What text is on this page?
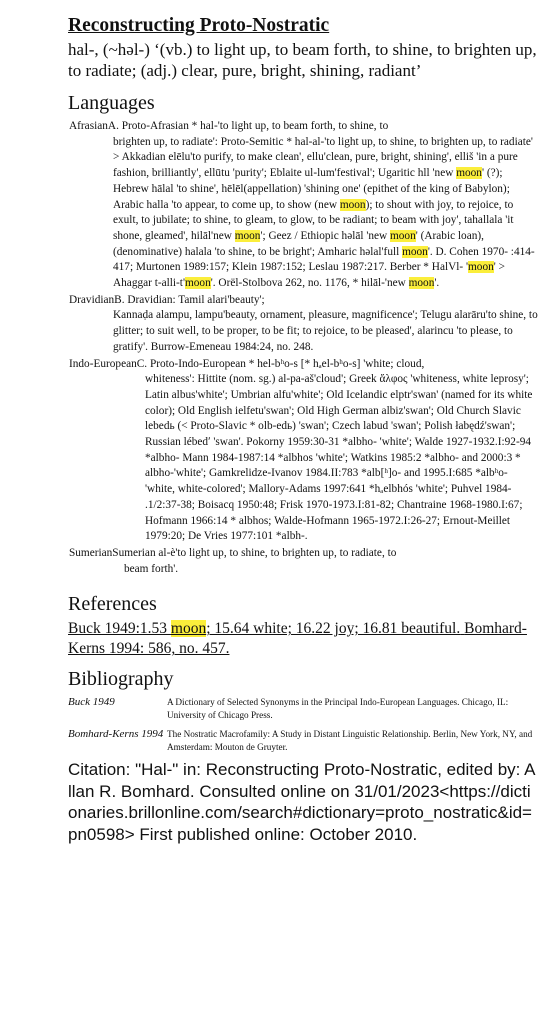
Reconstructing Proto-Nostratic

hal-, (~həl-) ‘(vb.) to light up, to beam forth, to shine, to brighten up, to radiate; (adj.) clear, pure, bright, shining, radiant’

Languages
Afrasian A. Proto-Afrasian * hal-'to light up, to beam forth, to shine, to
brighten up, to radiate': Proto-Semitic * hal-al-'to light up, to shine, to brighten up, to radiate' > Akkadian elēlu'to purify, to make clean', ellu'clean, pure, bright, shining', elliš 'in a pure fashion, brilliantly', ellūtu 'purity'; Eblaite ul-lum'festival'; Ugaritic hll 'new moon' (?); Hebrew hālal 'to shine', hēlēl(appellation) 'shining one' (epithet of the king of Babylon); Arabic halla 'to appear, to come up, to show (new moon); to shout with joy, to rejoice, to exult, to jubilate; to shine, to gleam, to glow, to be radiant; to beam with joy', tahallala 'it shone, gleamed', hilāl'new moon'; Geez / Ethiopic həlāl 'new moon' (Arabic loan), (denominative) halala 'to shine, to be bright'; Amharic həlal'full moon'. D. Cohen 1970- :414-417; Murtonen 1989:157; Klein 1987:152; Leslau 1987:217. Berber * HalVl- 'moon' > Ahaggar t-alli-t'moon'. Orël-Stolbova 262, no. 1176, * hilāl-'new moon'.
Dravidian B. Dravidian: Tamil alari'beauty';
Kannaḍa alampu, lampu'beauty, ornament, pleasure, magnificence'; Telugu alarāru'to shine, to glitter; to suit well, to be proper, to be fit; to rejoice, to be pleased', alarincu 'to please, to gratify'. Burrow-Emeneau 1984:24, no. 248.
Indo-European C. Proto-Indo-European * hel-bʰo-s [* hₐel-bʰo-s] 'white; cloud,
whiteness': Hittite (nom. sg.) al-pa-aš'cloud'; Greek ἄλφος 'whiteness, white leprosy'; Latin albus'white'; Umbrian alfu'white'; Old Icelandic elptr'swan' (named for its white color); Old English ielfetu'swan'; Old High German albiz'swan'; Old Church Slavic lebedь (< Proto-Slavic * olb-edь) 'swan'; Czech labud 'swan'; Polish łabędź'swan'; Russian lébedʹ 'swan'. Pokorny 1959:30-31 *albho- 'white'; Walde 1927-1932.I:92-94 *albho- Mann 1984-1987:14 *albhos 'white'; Watkins 1985:2 *albho- and 2000:3 * albho-'white'; Gamkrelidze-Ivanov 1984.II:783 *alb[ʰ]o- and 1995.I:685 *albʰo- 'white, white-colored'; Mallory-Adams 1997:641 *hₐelbhós 'white'; Puhvel 1984- .1/2:37-38; Boisacq 1950:48; Frisk 1970-1973.I:81-82; Chantraine 1968-1980.I:67; Hofmann 1966:14 * albhos; Walde-Hofmann 1965-1972.I:26-27; Ernout-Meillet 1979:20; De Vries 1977:101 *albh-.
Sumerian Sumerian al-è'to light up, to shine, to brighten up, to radiate, to
beam forth'.
References
Buck 1949:1.53 moon; 15.64 white; 16.22 joy; 16.81 beautiful. Bomhard-Kerns 1994: 586, no. 457.
Bibliography
Buck 1949	A Dictionary of Selected Synonyms in the Principal Indo-European Languages. Chicago, IL: University of Chicago Press.
Bomhard-Kerns 1994 The Nostratic Macrofamily: A Study in Distant Linguistic Relationship. Berlin, New York, NY, and Amsterdam: Mouton de Gruyter.
Citation: "Hal-" in: Reconstructing Proto-Nostratic, edited by: Allan R. Bomhard. Consulted online on 31/01/2023<https://dictionaries.brillonline.com/search#dictionary=proto_nostratic&id=pn0598> First published online: October 2010.
